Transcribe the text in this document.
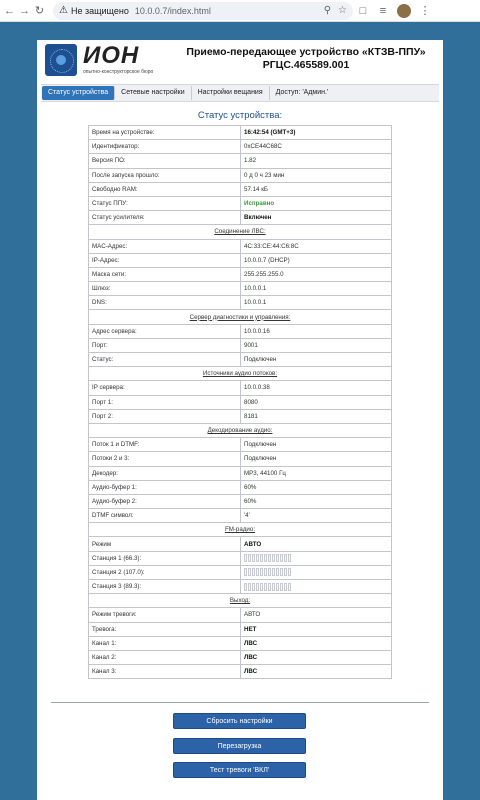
← → ↻ ⚠ Не защищено 10.0.0.7/index.html	⚲ ☆	□	≡	⋮
ИОН
опытно-конструкторское бюро
Приемо-передающее устройство «КТЗВ-ППУ»
РГЦС.465589.001
Статус устройства	Сетевые настройки	Настройки вещания	Доступ: 'Админ.'
Статус устройства:
Время на устройстве:	16:42:54 (GMT+3)
Идентификатор:	0xCE44C68C
Версия ПО:	1.82
После запуска прошло:	0 д 0 ч 23 мин
Свободно RAM:	57.14 кБ
Статус ППУ:	Исправно
Статус усилителя:	Включен
Соединение ЛВС:	
MAC-Адрес:	4C:33:CE:44:C6:8C
IP-Адрес:	10.0.0.7 (DHCP)
Маска сети:	255.255.255.0
Шлюз:	10.0.0.1
DNS:	10.0.0.1
Сервер диагностики и управления:	
Адрес сервера:	10.0.0.16
Порт:	9001
Статус:	Подключен
Источники аудио потоков:	
IP сервера:	10.0.0.38
Порт 1:	8080
Порт 2:	8181
Декодирование аудио:	
Поток 1 и DTMF:	Подключен
Потоки 2 и 3:	Подключен
Декодер:	MP3, 44100 Гц
Аудио-буфер 1:	60%
Аудио-буфер 2:	60%
DTMF символ:	'4'
FM-радио:	
Режим	АВТО
Станция 1 (66.3):	

Станция 2 (107.0):	

Станция 3 (89.3):	

Выход:	
Режим тревоги:	АВТО
Тревога:	НЕТ
Канал 1:	ЛВС
Канал 2:	ЛВС
Канал 3:	ЛВС
Сбросить настройки
Перезагрузка
Тест тревоги 'ВКЛ'
